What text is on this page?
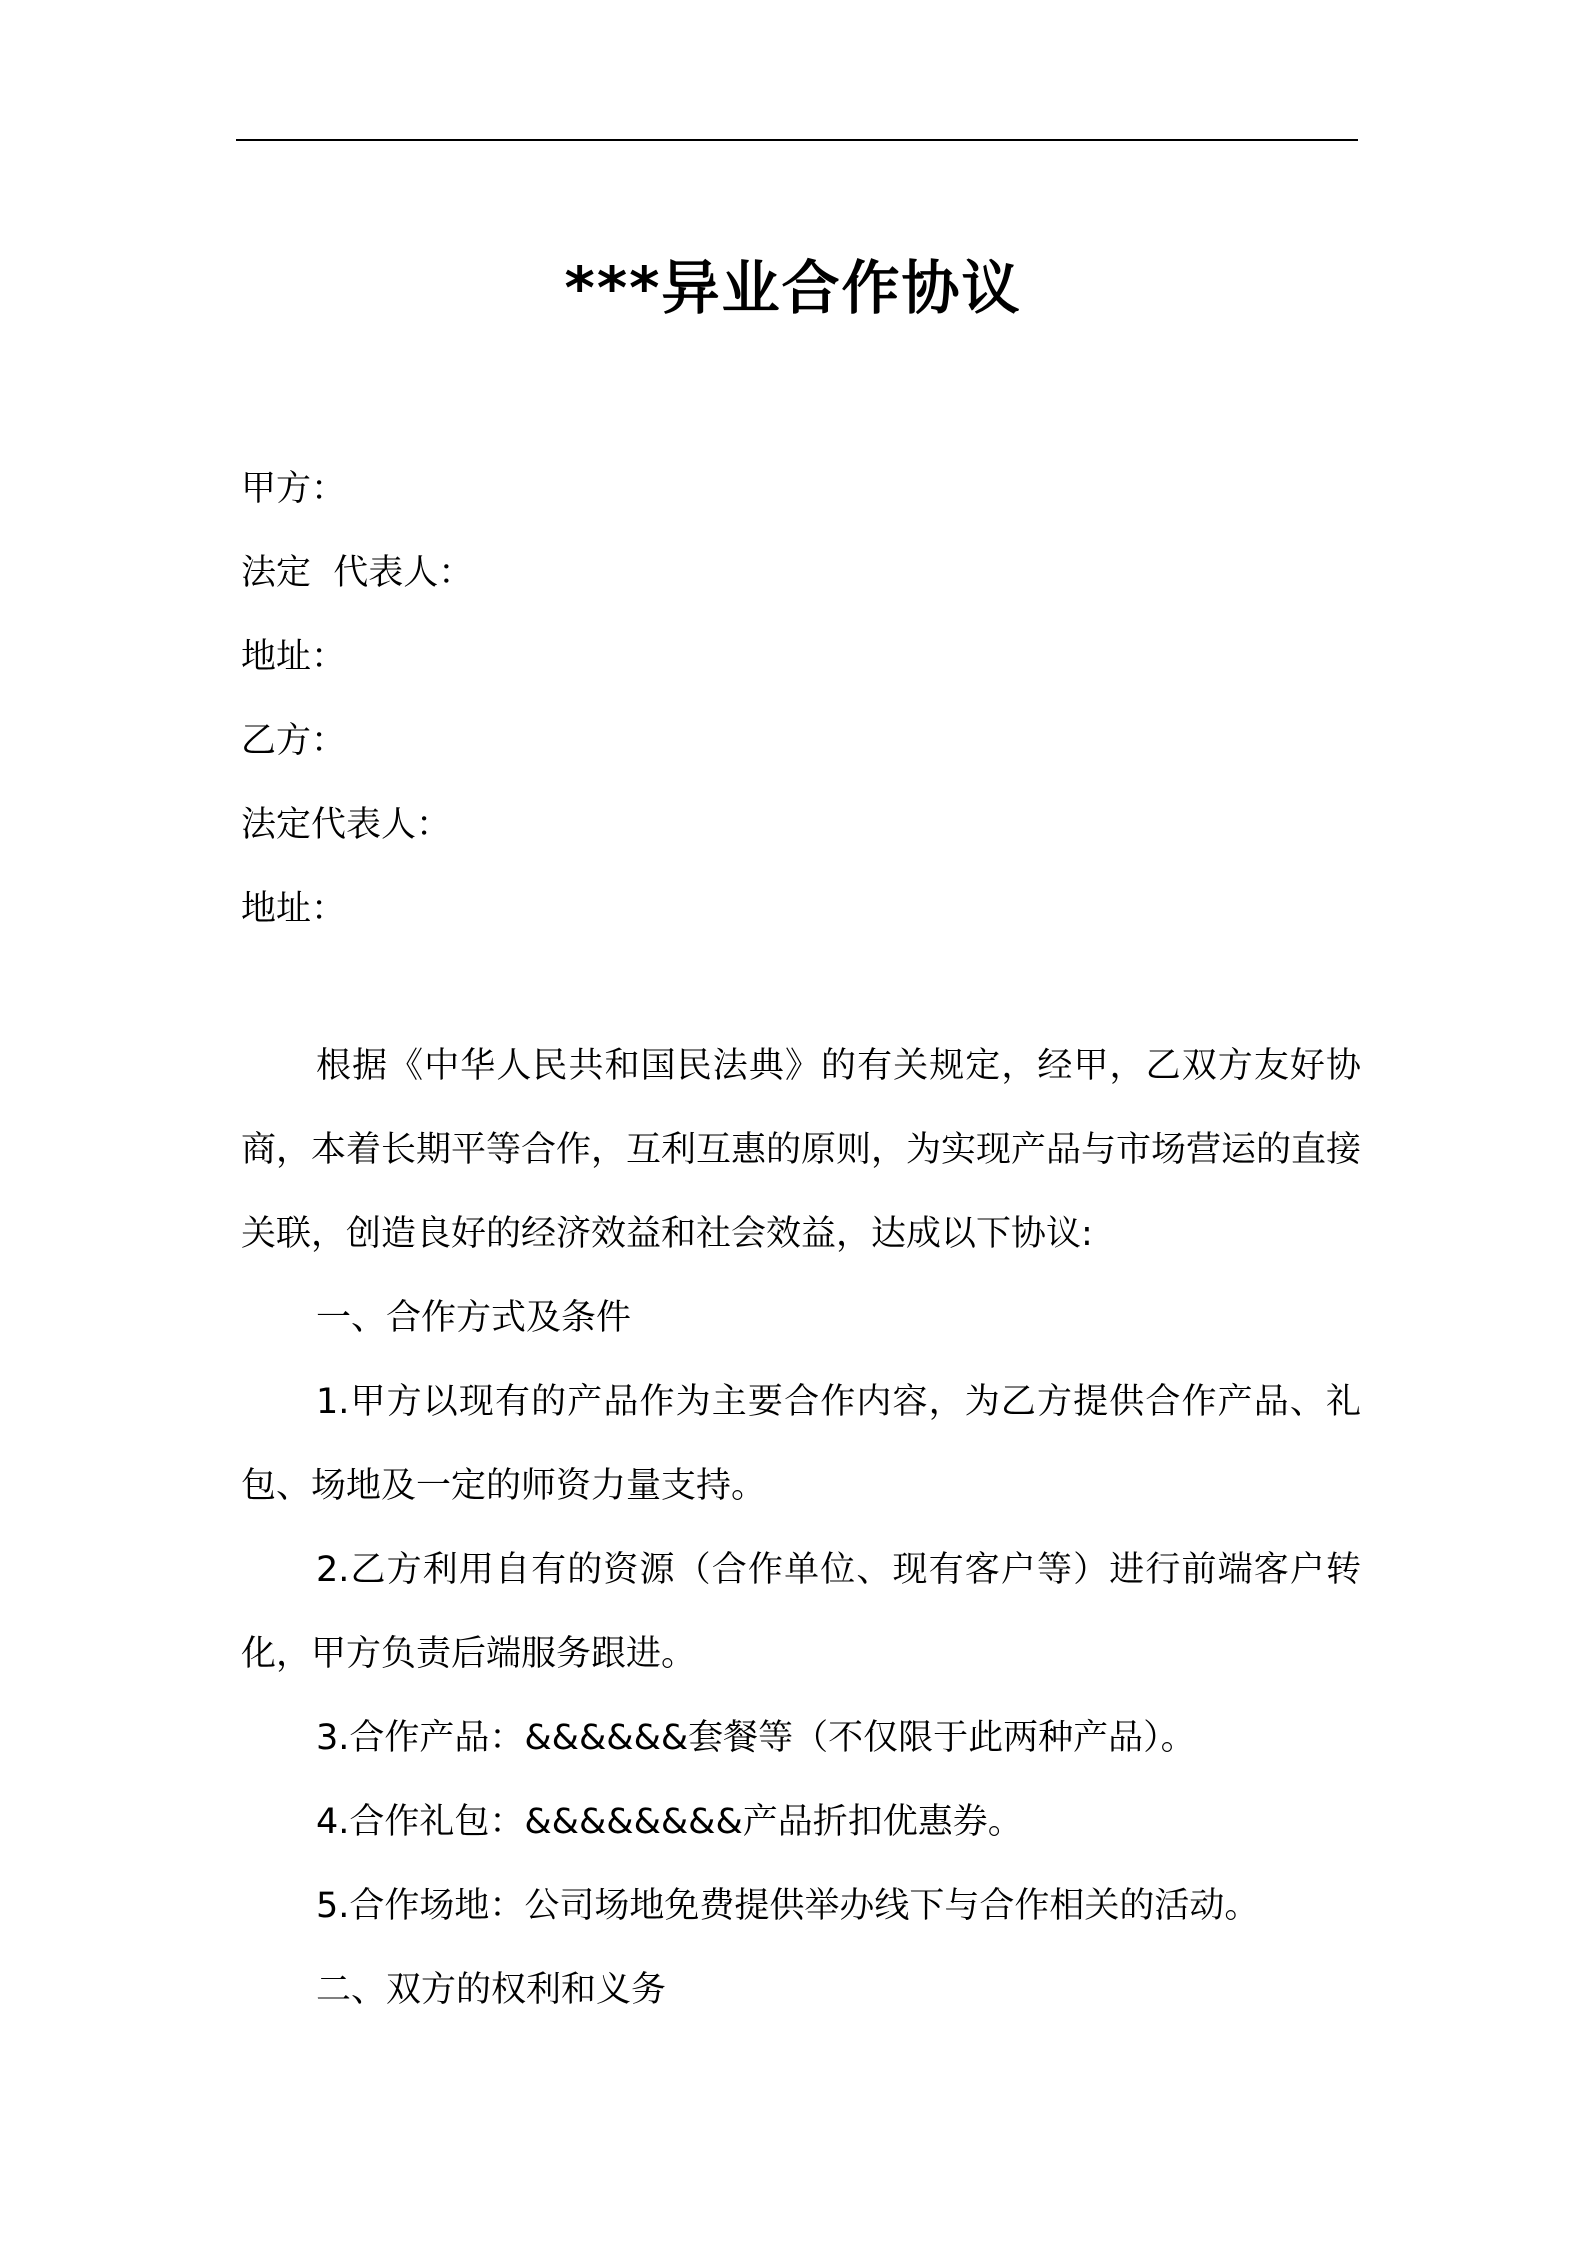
***异业合作协议
甲方：
法定  代表人：
地址：
乙方：
法定代表人：
地址：

根据《中华人民共和国民法典》的有关规定，经甲，乙双方友好协商，本着长期平等合作，互利互惠的原则，为实现产品与市场营运的直接关联，创造良好的经济效益和社会效益，达成以下协议:

一、合作方式及条件

1.甲方以现有的产品作为主要合作内容，为乙方提供合作产品、礼包、场地及一定的师资力量支持。

2.乙方利用自有的资源（合作单位、现有客户等）进行前端客户转化，甲方负责后端服务跟进。

3.合作产品：&&&&&&套餐等（不仅限于此两种产品）。

4.合作礼包：&&&&&&&&产品折扣优惠券。

5.合作场地：公司场地免费提供举办线下与合作相关的活动。

二、双方的权利和义务
